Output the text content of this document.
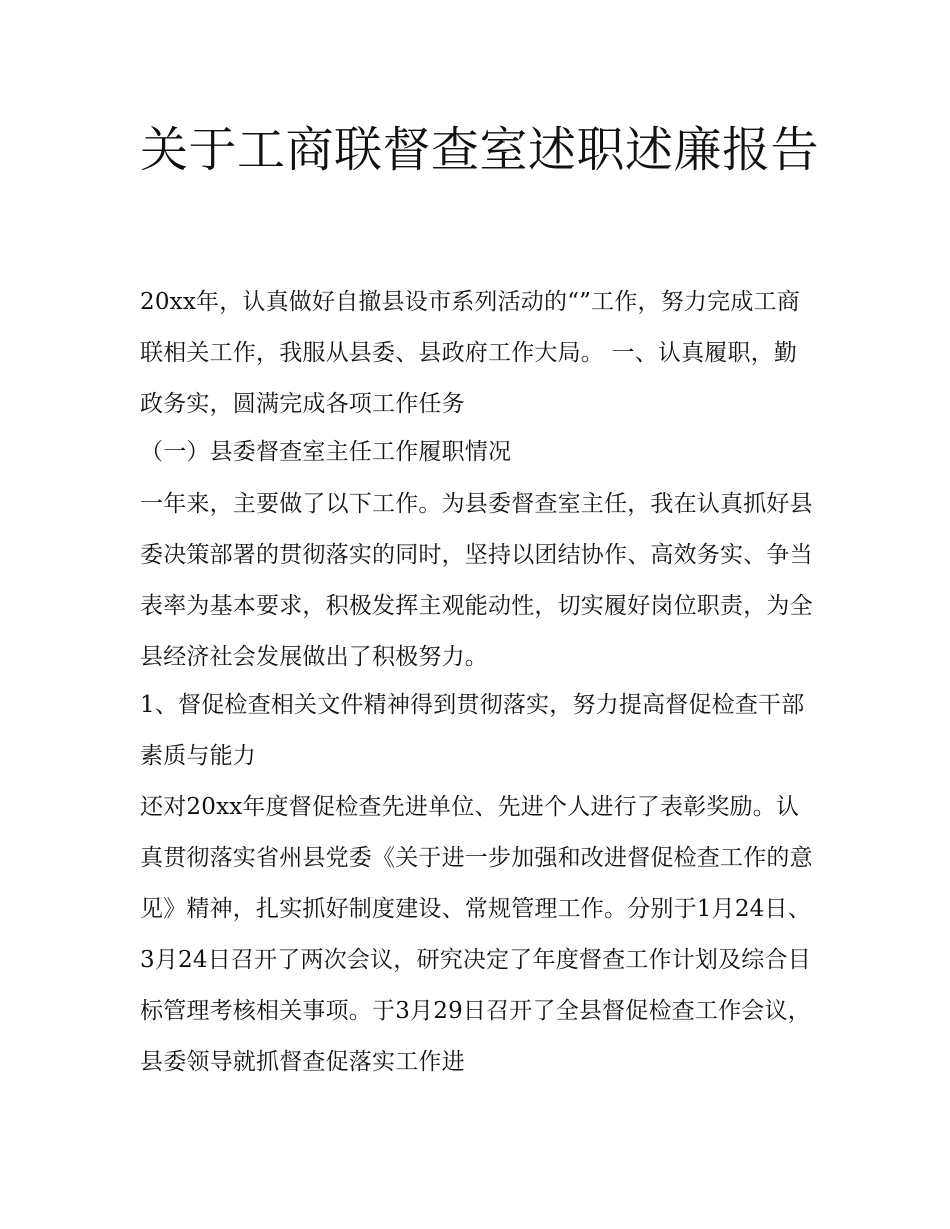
关于工商联督查室述职述廉报告

20xx年，认真做好自撤县设市系列活动的“”工作，努力完成工商联相关工作，我服从县委、县政府工作大局。 一、认真履职，勤政务实，圆满完成各项工作任务

（一）县委督查室主任工作履职情况

一年来，主要做了以下工作。为县委督查室主任，我在认真抓好县委决策部署的贯彻落实的同时，坚持以团结协作、高效务实、争当表率为基本要求，积极发挥主观能动性，切实履好岗位职责，为全县经济社会发展做出了积极努力。

1、督促检查相关文件精神得到贯彻落实，努力提高督促检查干部素质与能力

还对20xx年度督促检查先进单位、先进个人进行了表彰奖励。认真贯彻落实省州县党委《关于进一步加强和改进督促检查工作的意见》精神，扎实抓好制度建设、常规管理工作。分别于1月24日、3月24日召开了两次会议，研究决定了年度督查工作计划及综合目标管理考核相关事项。于3月29日召开了全县督促检查工作会议，县委领导就抓督查促落实工作进
